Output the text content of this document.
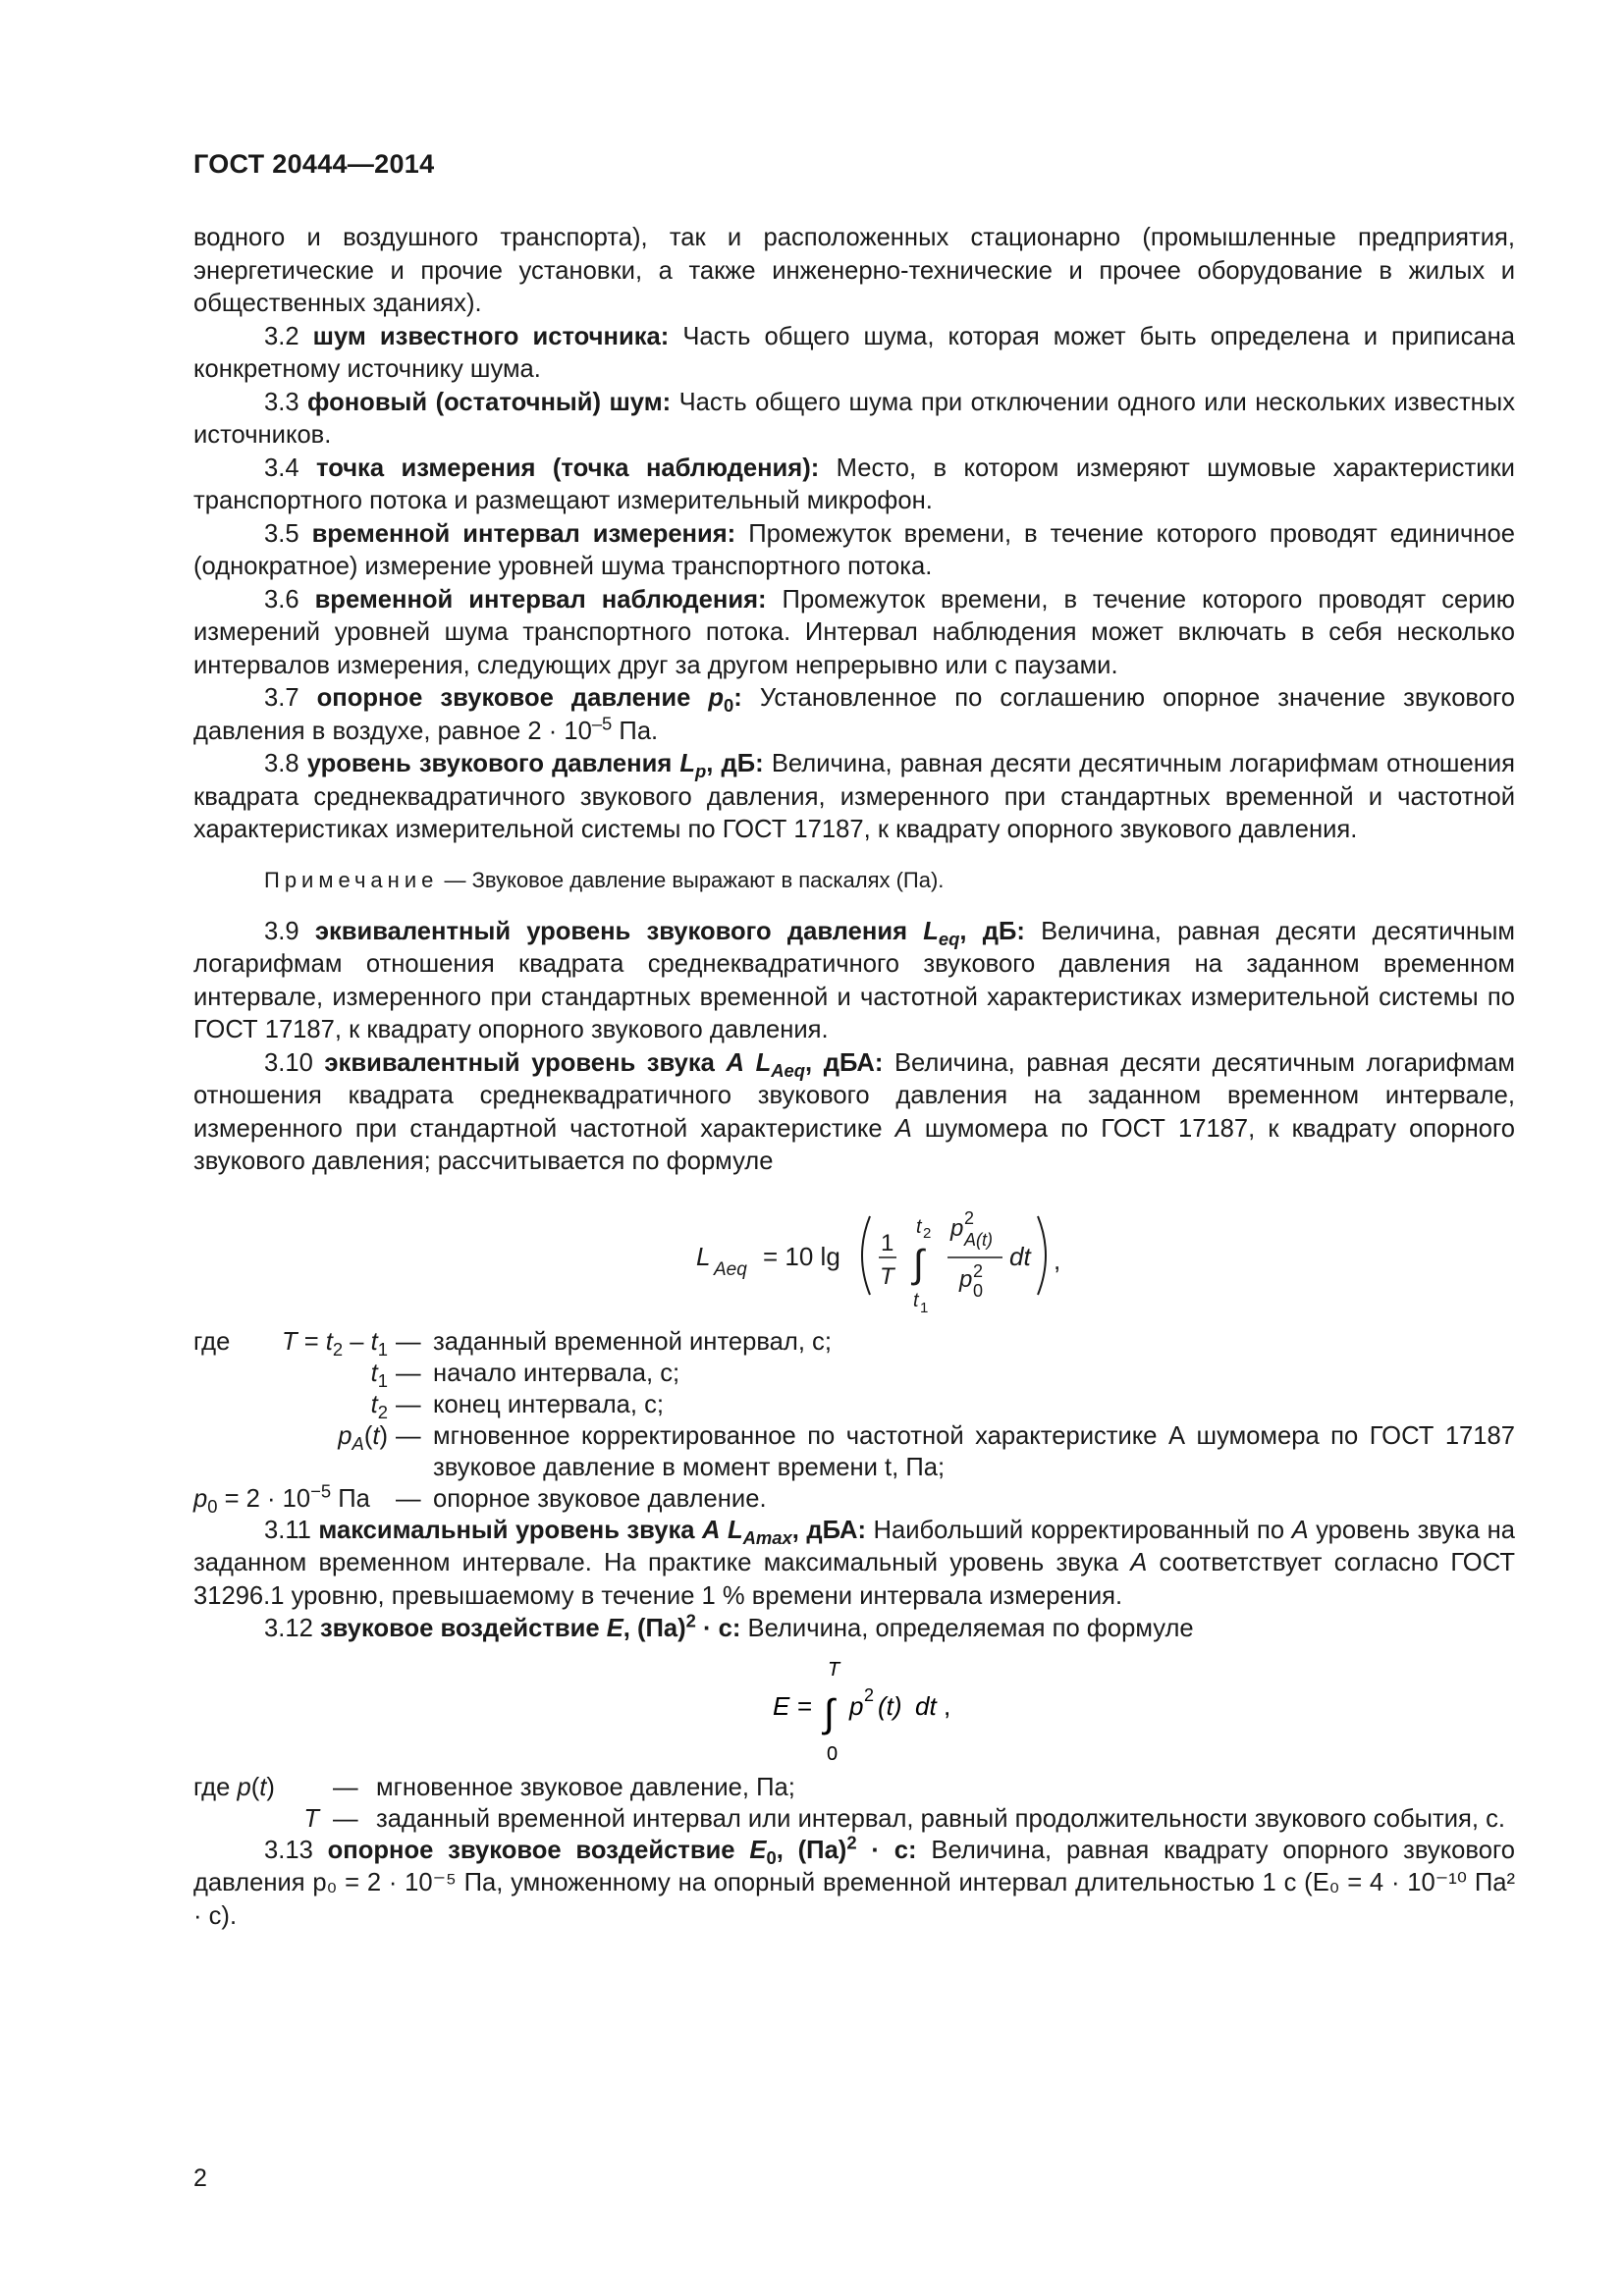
ГОСТ 20444—2014

водного и воздушного транспорта), так и расположенных стационарно (промышленные предприятия, энергетические и прочие установки, а также инженерно-технические и прочее оборудование в жилых и общественных зданиях).

3.2 шум известного источника: Часть общего шума, которая может быть определена и приписана конкретному источнику шума.

3.3 фоновый (остаточный) шум: Часть общего шума при отключении одного или нескольких известных источников.

3.4 точка измерения (точка наблюдения): Место, в котором измеряют шумовые характеристики транспортного потока и размещают измерительный микрофон.

3.5 временной интервал измерения: Промежуток времени, в течение которого проводят единичное (однократное) измерение уровней шума транспортного потока.

3.6 временной интервал наблюдения: Промежуток времени, в течение которого проводят серию измерений уровней шума транспортного потока. Интервал наблюдения может включать в себя несколько интервалов измерения, следующих друг за другом непрерывно или с паузами.

3.7 опорное звуковое давление $p_0$: Установленное по соглашению опорное значение звукового давления в воздухе, равное $2 \cdot 10^{-5}$ Па.

3.8 уровень звукового давления $L_p$, дБ: Величина, равная десяти десятичным логарифмам отношения квадрата среднеквадратичного звукового давления, измеренного при стандартных временной и частотной характеристиках измерительной системы по ГОСТ 17187, к квадрату опорного звукового давления.

Примечание — Звуковое давление выражают в паскалях (Па).

3.9 эквивалентный уровень звукового давления $L_{eq}$, дБ: Величина, равная десяти десятичным логарифмам отношения квадрата среднеквадратичного звукового давления на заданном временном интервале, измеренного при стандартных временной и частотной характеристиках измерительной системы по ГОСТ 17187, к квадрату опорного звукового давления.

3.10 эквивалентный уровень звука А $L_{Aeq}$, дБА: Величина, равная десяти десятичным логарифмам отношения квадрата среднеквадратичного звукового давления на заданном временном интервале, измеренного при стандартной частотной характеристике А шумомера по ГОСТ 17187, к квадрату опорного звукового давления; рассчитывается по формуле

L Aeq = 10 lg 1
T ∫
t 2
t 1
p 2
A(t)
p 2
0
dt ,
где	$T = t_2 - t_1$ — заданный временной интервал, с;
$t_1$ — начало интервала, с;
$t_2$ — конец интервала, с;
$p_A(t)$ — мгновенное корректированное по частотной характеристике А шумомера по ГОСТ 17187 звуковое давление в момент времени t, Па;
$p_0 = 2 \cdot 10^{-5}$ Па	— опорное звуковое давление.

3.11 максимальный уровень звука А $L_{Amax}$, дБА: Наибольший корректированный по А уровень звука на заданном временном интервале. На практике максимальный уровень звука А соответствует согласно ГОСТ 31296.1 уровню, превышаемому в течение 1 % времени интервала измерения.

3.12 звуковое воздействие E, (Па)$^2$ · с: Величина, определяемая по формуле

E = ∫
T
0
p 2 (t) dt ,
где p(t)	— мгновенное звуковое давление, Па;
T — заданный временной интервал или интервал, равный продолжительности звукового события, с.

3.13 опорное звуковое воздействие $E_0$, (Па)$^2$ · с: Величина, равная квадрату опорного звукового давления p₀ = 2 · 10⁻⁵ Па, умноженному на опорный временной интервал длительностью 1 с (E₀ = 4 · 10⁻¹⁰ Па² · с).

2
